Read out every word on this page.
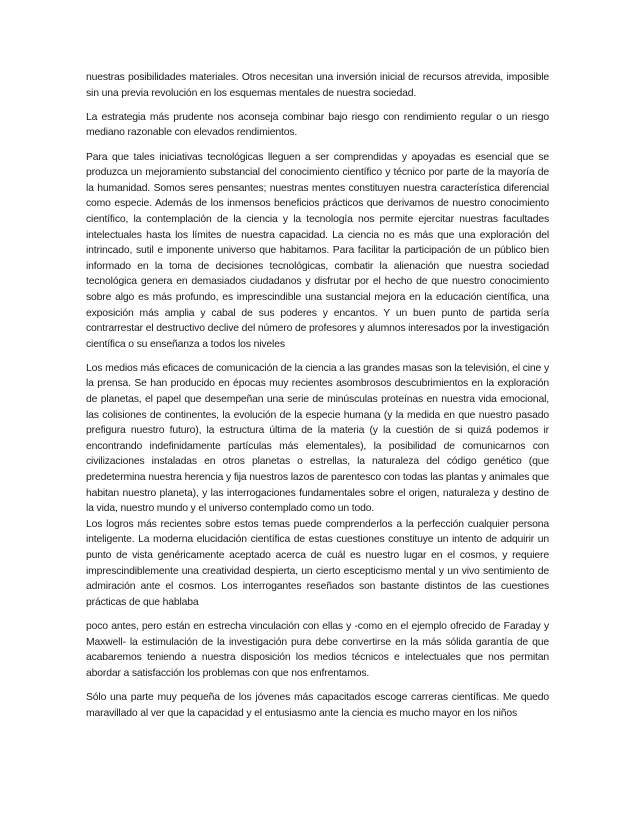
nuestras posibilidades materiales. Otros necesitan una inversión inicial de recursos atrevida, imposible sin una previa revolución en los esquemas mentales de nuestra sociedad.

La estrategia más prudente nos aconseja combinar bajo riesgo con rendimiento regular o un riesgo mediano razonable con elevados rendimientos.

Para que tales iniciativas tecnológicas lleguen a ser comprendidas y apoyadas es esencial que se produzca un mejoramiento substancial del conocimiento científico y técnico por parte de la mayoría de la humanidad. Somos seres pensantes; nuestras mentes constituyen nuestra característica diferencial como especie. Además de los inmensos beneficios prácticos que derivamos de nuestro conocimiento científico, la contemplación de la ciencia y la tecnología nos permite ejercitar nuestras facultades intelectuales hasta los límites de nuestra capacidad. La ciencia no es más que una exploración del intrincado, sutil e imponente universo que habitamos. Para facilitar la participación de un público bien informado en la toma de decisiones tecnológicas, combatir la alienación que nuestra sociedad tecnológica genera en demasiados ciudadanos y disfrutar por el hecho de que nuestro conocimiento sobre algo es más profundo, es imprescindible una sustancial mejora en la educación científica, una exposición más amplia y cabal de sus poderes y encantos. Y un buen punto de partida sería contrarrestar el destructivo declive del número de profesores y alumnos interesados por la investigación científica o su enseñanza a todos los niveles

Los medios más eficaces de comunicación de la ciencia a las grandes masas son la televisión, el cine y la prensa. Se han producido en épocas muy recientes asombrosos descubrimientos en la exploración de planetas, el papel que desempeñan una serie de minúsculas proteínas en nuestra vida emocional, las colisiones de continentes, la evolución de la especie humana (y la medida en que nuestro pasado prefigura nuestro futuro), la estructura última de la materia (y la cuestión de si quizá podemos ir encontrando indefinidamente partículas más elementales), la posibilidad de comunicarnos con civilizaciones instaladas en otros planetas o estrellas, la naturaleza del código genético (que predetermina nuestra herencia y fija nuestros lazos de parentesco con todas las plantas y animales que habitan nuestro planeta), y las interrogaciones fundamentales sobre el origen, naturaleza y destino de la vida, nuestro mundo y el universo contemplado como un todo.

Los logros más recientes sobre estos temas puede comprenderlos a la perfección cualquier persona inteligente. La moderna elucidación científica de estas cuestiones constituye un intento de adquirir un punto de vista genéricamente aceptado acerca de cuál es nuestro lugar en el cosmos, y requiere imprescindiblemente una creatividad despierta, un cierto escepticismo mental y un vivo sentimiento de admiración ante el cosmos. Los interrogantes reseñados son bastante distintos de las cuestiones prácticas de que hablaba

poco antes, pero están en estrecha vinculación con ellas y -como en el ejemplo ofrecido de Faraday y Maxwell- la estimulación de la investigación pura debe convertirse en la más sólida garantía de que acabaremos teniendo a nuestra disposición los medios técnicos e intelectuales que nos permitan abordar a satisfacción los problemas con que nos enfrentamos.

Sólo una parte muy pequeña de los jóvenes más capacitados escoge carreras científicas. Me quedo maravillado al ver que la capacidad y el entusiasmo ante la ciencia es mucho mayor en los niños
